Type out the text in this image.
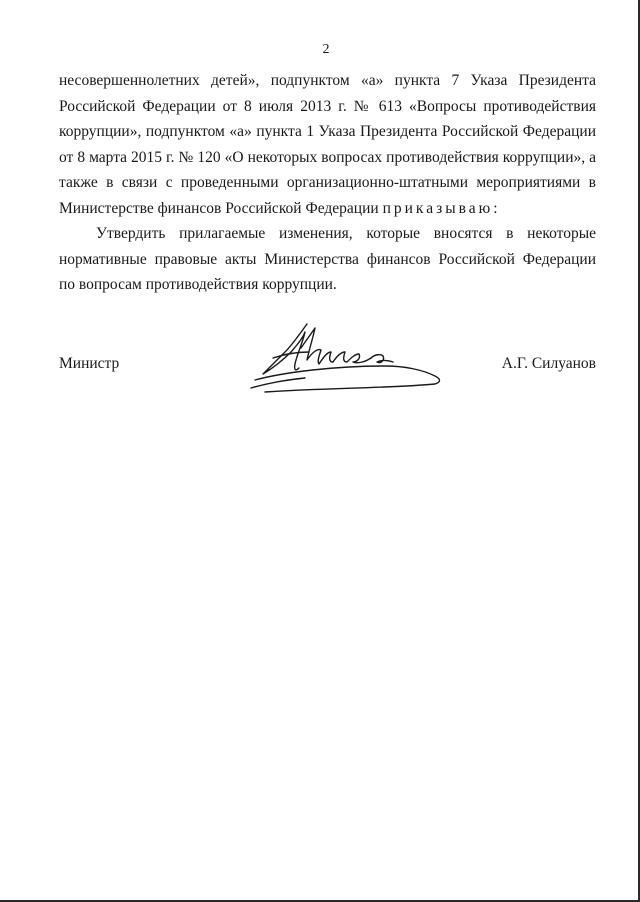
2
несовершеннолетних детей», подпунктом «а» пункта 7 Указа Президента
Российской Федерации от 8 июля 2013 г. № 613 «Вопросы противодействия
коррупции», подпунктом «а» пункта 1 Указа Президента Российской Федерации
от 8 марта 2015 г. № 120 «О некоторых вопросах противодействия коррупции», а
также в связи с проведенными организационно-штатными мероприятиями в
Министерстве финансов Российской Федерации приказываю:
Утвердить прилагаемые изменения, которые вносятся в некоторые
нормативные правовые акты Министерства финансов Российской Федерации
по вопросам противодействия коррупции.
Министр	А.Г. Силуанов
